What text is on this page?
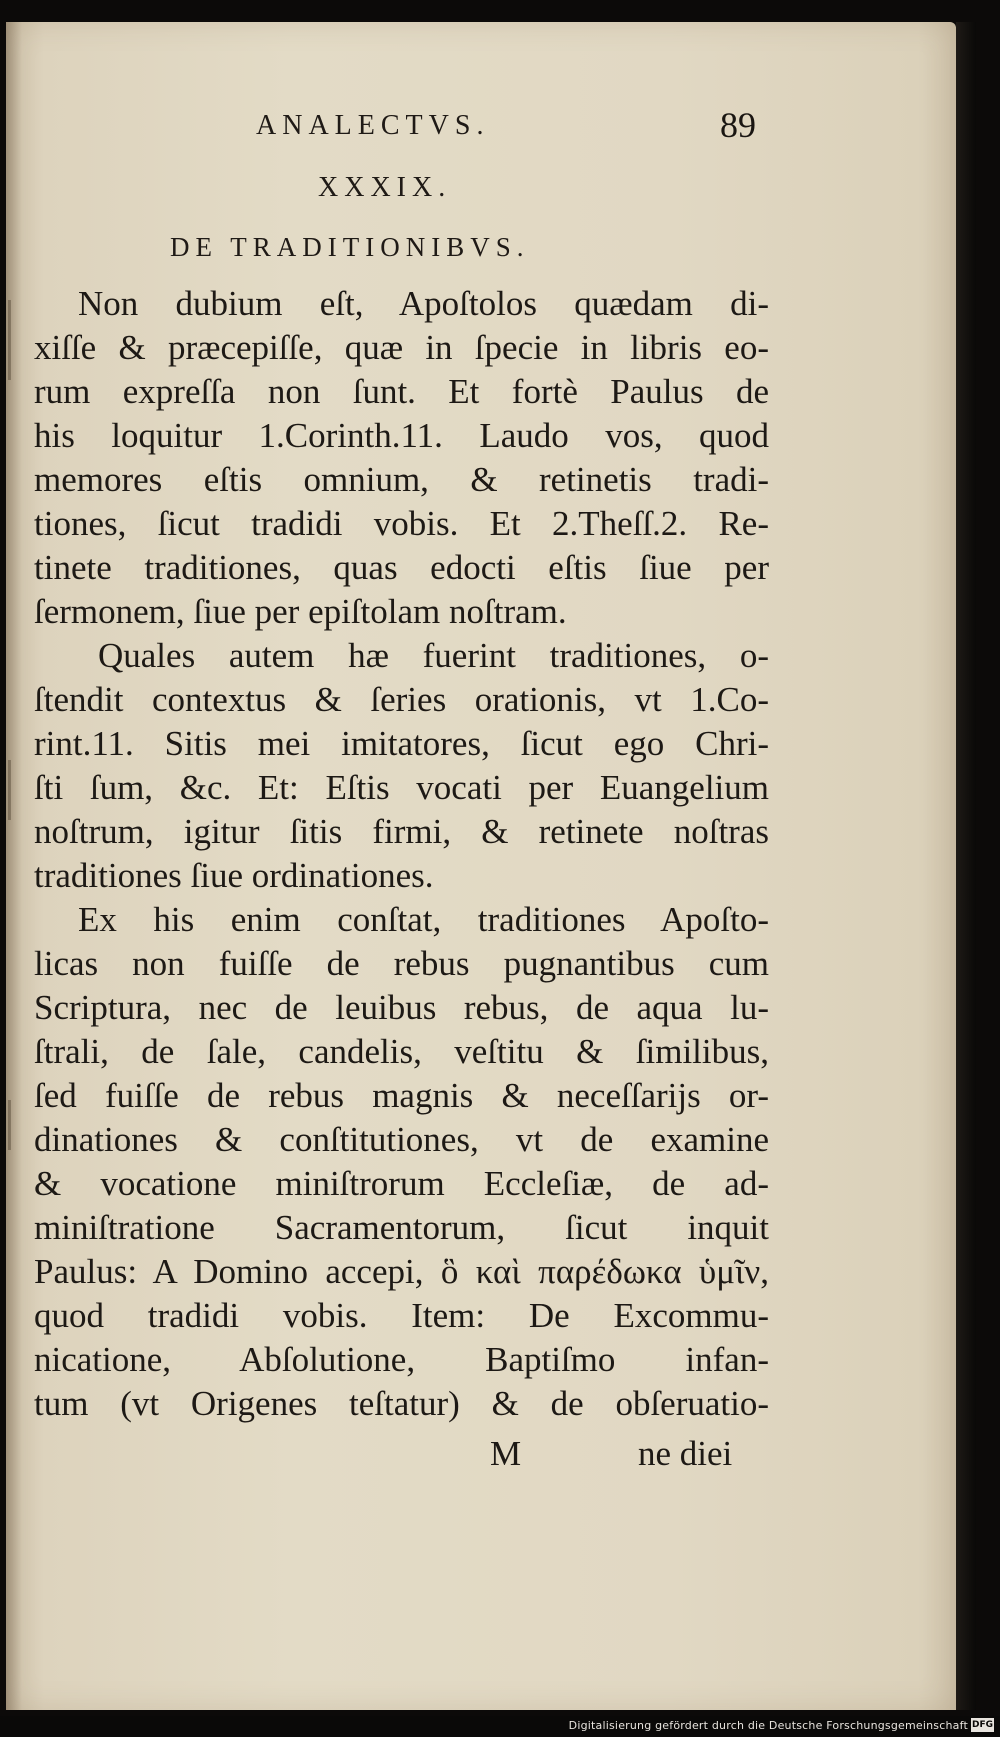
ANALECTVS.	89
XXXIX.
DE TRADITIONIBVS.
Non dubium eſt, Apoſtolos quædam di-
xiſſe & præcepiſſe, quæ in ſpecie in libris eo-
rum expreſſa non ſunt. Et fortè Paulus de
his loquitur 1.Corinth.11. Laudo vos, quod
memores eſtis omnium, & retinetis tradi-
tiones, ſicut tradidi vobis. Et 2.Theſſ.2. Re-
tinete traditiones, quas edocti eſtis ſiue per
ſermonem, ſiue per epiſtolam noſtram.
Quales autem hæ fuerint traditiones, o-
ſtendit contextus & ſeries orationis, vt 1.Co-
rint.11. Sitis mei imitatores, ſicut ego Chri-
ſti ſum, &c. Et: Eſtis vocati per Euangelium
noſtrum, igitur ſitis firmi, & retinete noſtras
traditiones ſiue ordinationes.
Ex his enim conſtat, traditiones Apoſto-
licas non fuiſſe de rebus pugnantibus cum
Scriptura, nec de leuibus rebus, de aqua lu-
ſtrali, de ſale, candelis, veſtitu & ſimilibus,
ſed fuiſſe de rebus magnis & neceſſarijs or-
dinationes & conſtitutiones, vt de examine
& vocatione miniſtrorum Eccleſiæ, de ad-
miniſtratione Sacramentorum, ſicut inquit
Paulus: A Domino accepi, ὃ καὶ παρέδωκα ὑμῖν,
quod tradidi vobis. Item: De Excommu-
nicatione, Abſolutione, Baptiſmo infan-
tum (vt Origenes teſtatur) & de obſeruatio-
M	ne diei
Digitalisierung gefördert durch die Deutsche Forschungsgemeinschaft DFG
